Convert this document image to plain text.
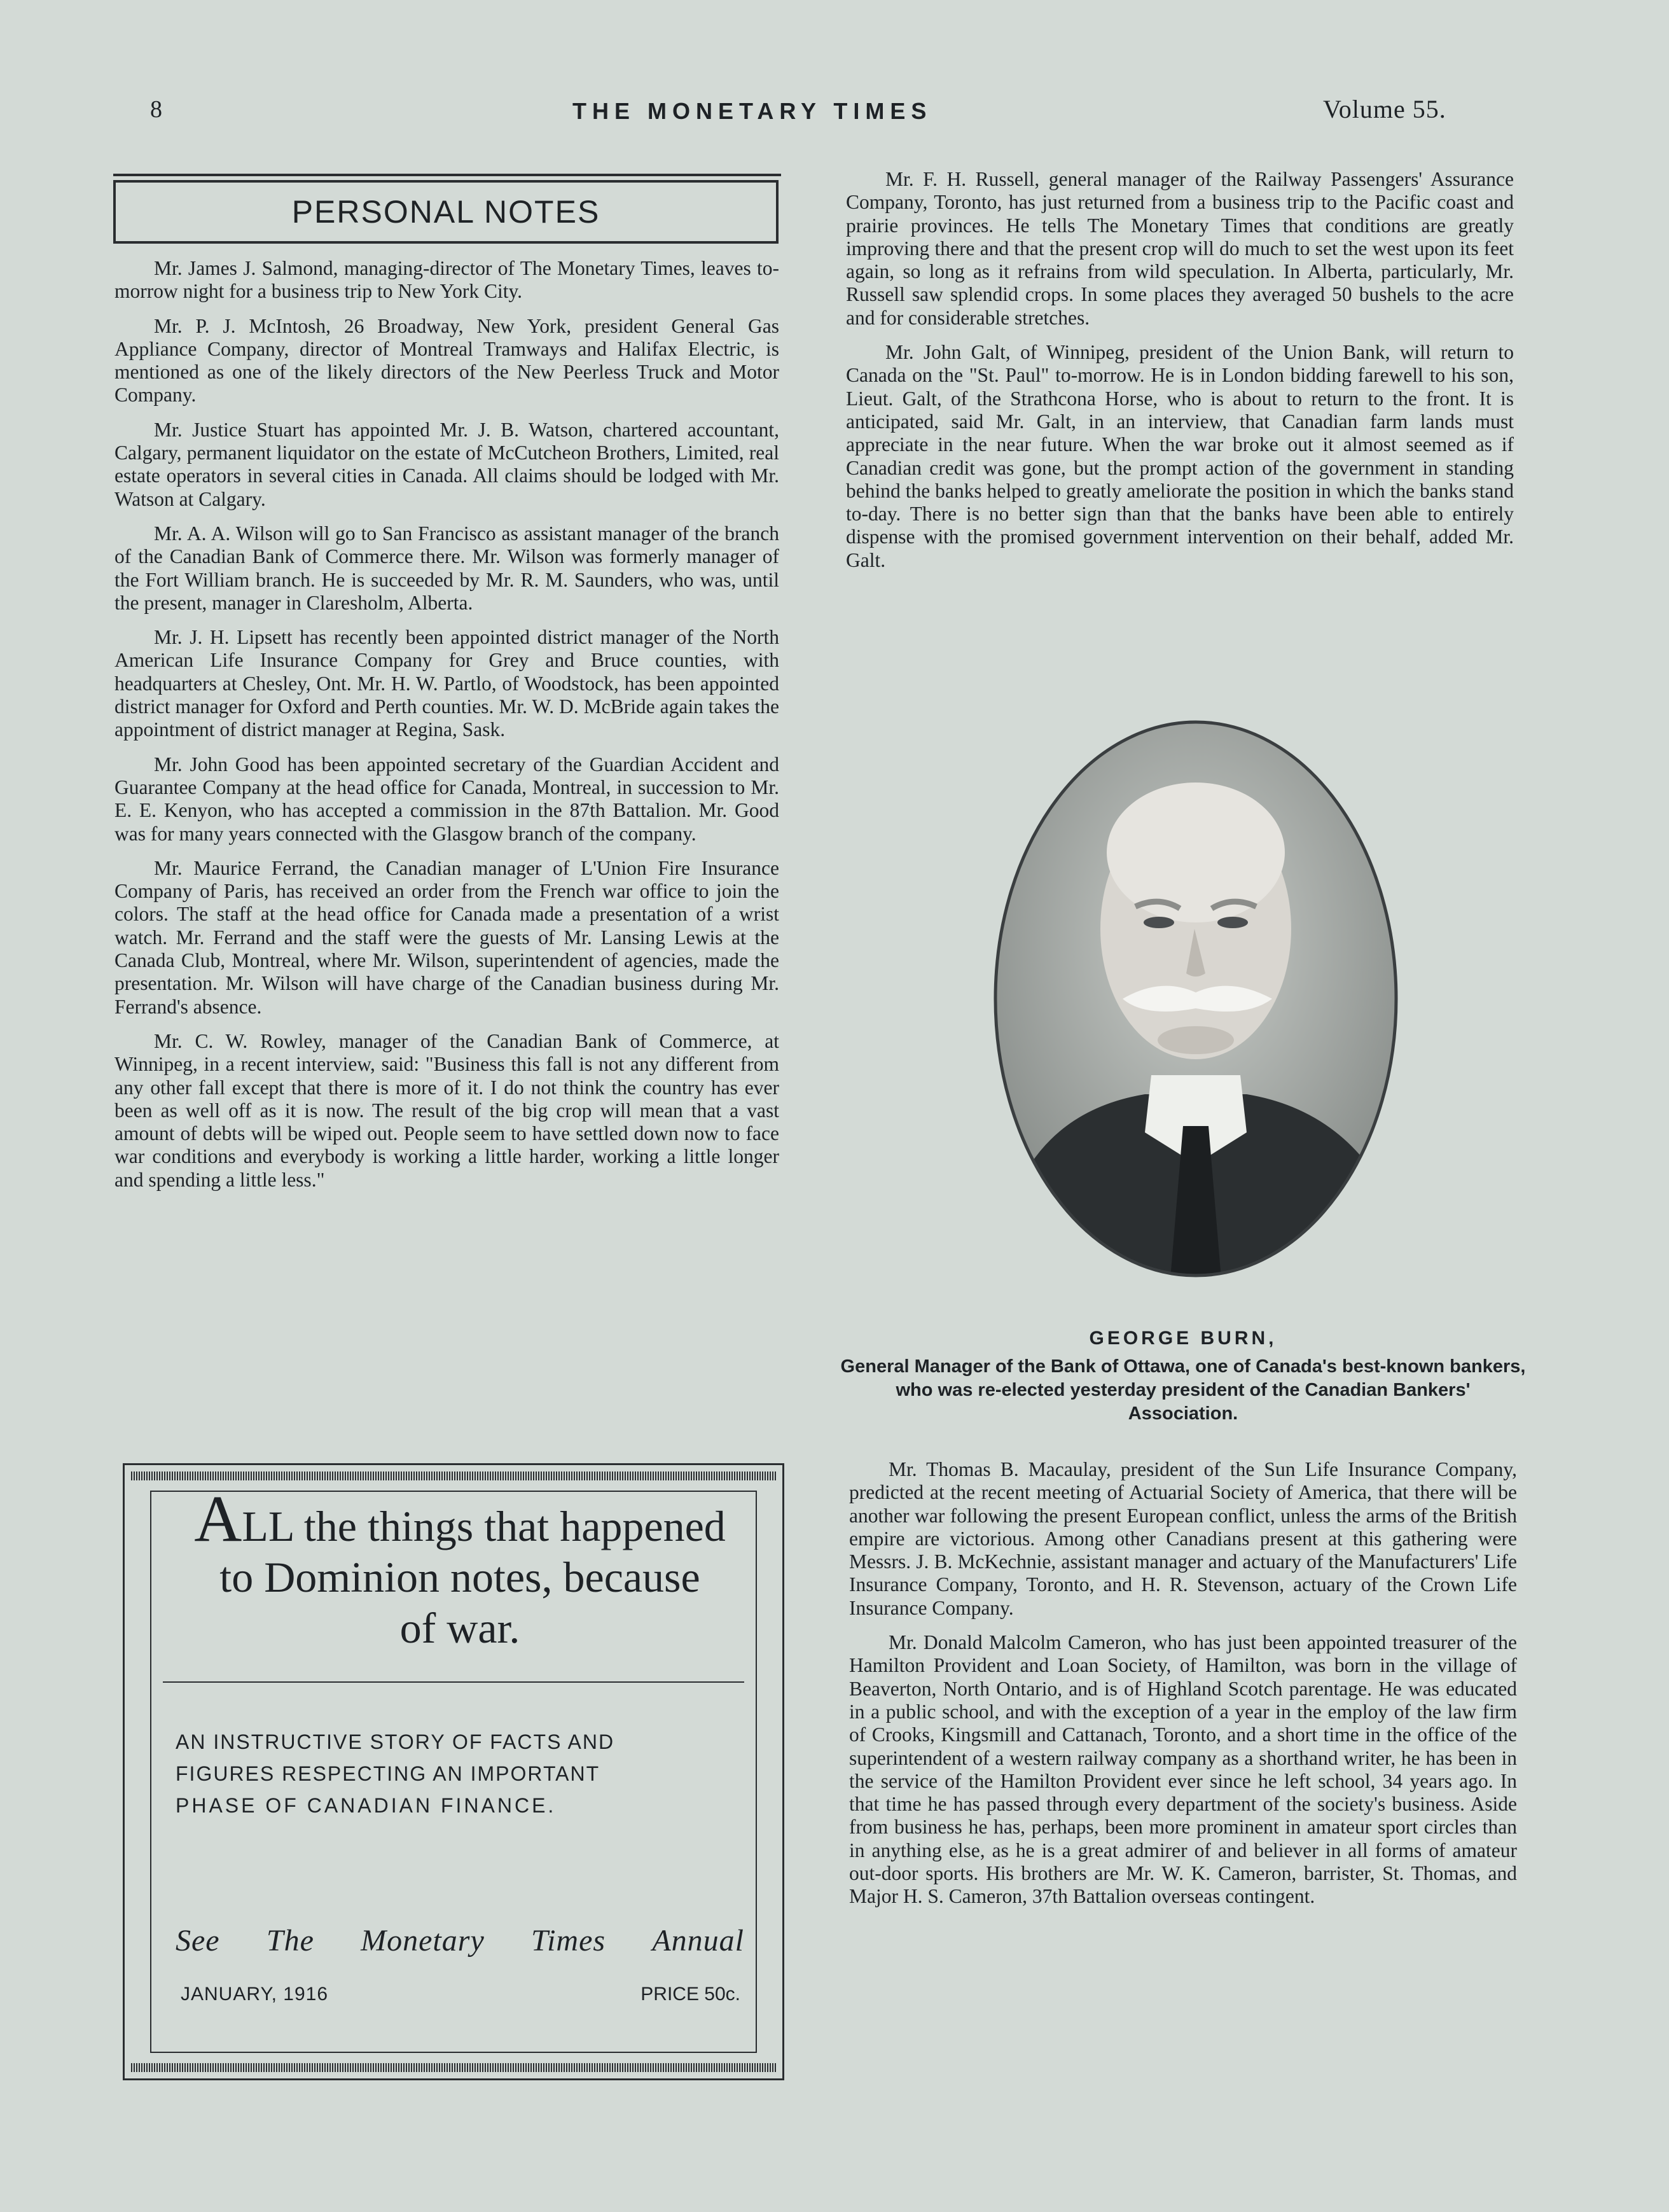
8	THE MONETARY TIMES	Volume 55.
PERSONAL NOTES

Mr. James J. Salmond, managing-director of The Monetary Times, leaves to-morrow night for a business trip to New York City.

Mr. P. J. McIntosh, 26 Broadway, New York, president General Gas Appliance Company, director of Montreal Tramways and Halifax Electric, is mentioned as one of the likely directors of the New Peerless Truck and Motor Company.

Mr. Justice Stuart has appointed Mr. J. B. Watson, chartered accountant, Calgary, permanent liquidator on the estate of McCutcheon Brothers, Limited, real estate operators in several cities in Canada. All claims should be lodged with Mr. Watson at Calgary.

Mr. A. A. Wilson will go to San Francisco as assistant manager of the branch of the Canadian Bank of Commerce there. Mr. Wilson was formerly manager of the Fort William branch. He is succeeded by Mr. R. M. Saunders, who was, until the present, manager in Claresholm, Alberta.

Mr. J. H. Lipsett has recently been appointed district manager of the North American Life Insurance Company for Grey and Bruce counties, with headquarters at Chesley, Ont. Mr. H. W. Partlo, of Woodstock, has been appointed district manager for Oxford and Perth counties. Mr. W. D. McBride again takes the appointment of district manager at Regina, Sask.

Mr. John Good has been appointed secretary of the Guardian Accident and Guarantee Company at the head office for Canada, Montreal, in succession to Mr. E. E. Kenyon, who has accepted a commission in the 87th Battalion. Mr. Good was for many years connected with the Glasgow branch of the company.

Mr. Maurice Ferrand, the Canadian manager of L'Union Fire Insurance Company of Paris, has received an order from the French war office to join the colors. The staff at the head office for Canada made a presentation of a wrist watch. Mr. Ferrand and the staff were the guests of Mr. Lansing Lewis at the Canada Club, Montreal, where Mr. Wilson, superintendent of agencies, made the presentation. Mr. Wilson will have charge of the Canadian business during Mr. Ferrand's absence.

Mr. C. W. Rowley, manager of the Canadian Bank of Commerce, at Winnipeg, in a recent interview, said: "Business this fall is not any different from any other fall except that there is more of it. I do not think the country has ever been as well off as it is now. The result of the big crop will mean that a vast amount of debts will be wiped out. People seem to have settled down now to face war conditions and everybody is working a little harder, working a little longer and spending a little less."

ALL the things that happened
to Dominion notes, because
of war.
AN INSTRUCTIVE STORY OF FACTS AND
FIGURES RESPECTING AN IMPORTANT
PHASE OF CANADIAN FINANCE.
See The Monetary Times Annual
JANUARY, 1916	PRICE 50c.

Mr. F. H. Russell, general manager of the Railway Passengers' Assurance Company, Toronto, has just returned from a business trip to the Pacific coast and prairie provinces. He tells The Monetary Times that conditions are greatly improving there and that the present crop will do much to set the west upon its feet again, so long as it refrains from wild speculation. In Alberta, particularly, Mr. Russell saw splendid crops. In some places they averaged 50 bushels to the acre and for considerable stretches.

Mr. John Galt, of Winnipeg, president of the Union Bank, will return to Canada on the "St. Paul" to-morrow. He is in London bidding farewell to his son, Lieut. Galt, of the Strathcona Horse, who is about to return to the front. It is anticipated, said Mr. Galt, in an interview, that Canadian farm lands must appreciate in the near future. When the war broke out it almost seemed as if Canadian credit was gone, but the prompt action of the government in standing behind the banks helped to greatly ameliorate the position in which the banks stand to-day. There is no better sign than that the banks have been able to entirely dispense with the promised government intervention on their behalf, added Mr. Galt.

GEORGE BURN,
General Manager of the Bank of Ottawa, one of Canada's best-known bankers, who was re-elected yesterday president of the Canadian Bankers' Association.

Mr. Thomas B. Macaulay, president of the Sun Life Insurance Company, predicted at the recent meeting of Actuarial Society of America, that there will be another war following the present European conflict, unless the arms of the British empire are victorious. Among other Canadians present at this gathering were Messrs. J. B. McKechnie, assistant manager and actuary of the Manufacturers' Life Insurance Company, Toronto, and H. R. Stevenson, actuary of the Crown Life Insurance Company.

Mr. Donald Malcolm Cameron, who has just been appointed treasurer of the Hamilton Provident and Loan Society, of Hamilton, was born in the village of Beaverton, North Ontario, and is of Highland Scotch parentage. He was educated in a public school, and with the exception of a year in the employ of the law firm of Crooks, Kingsmill and Cattanach, Toronto, and a short time in the office of the superintendent of a western railway company as a shorthand writer, he has been in the service of the Hamilton Provident ever since he left school, 34 years ago. In that time he has passed through every department of the society's business. Aside from business he has, perhaps, been more prominent in amateur sport circles than in anything else, as he is a great admirer of and believer in all forms of amateur out-door sports. His brothers are Mr. W. K. Cameron, barrister, St. Thomas, and Major H. S. Cameron, 37th Battalion overseas contingent.
